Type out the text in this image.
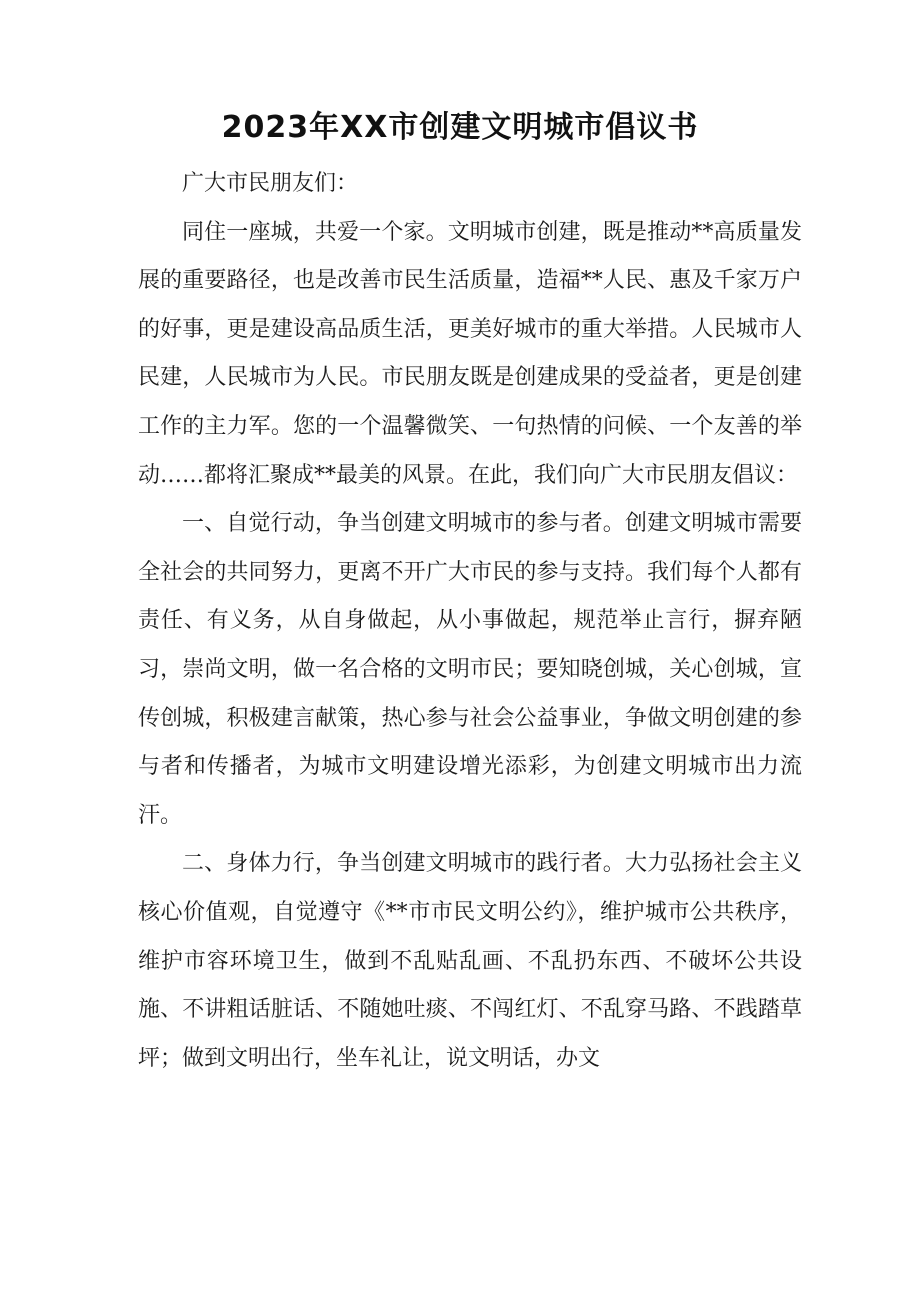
2023年XX市创建文明城市倡议书

广大市民朋友们：

同住一座城，共爱一个家。文明城市创建，既是推动**高质量发展的重要路径，也是改善市民生活质量，造福**人民、惠及千家万户的好事，更是建设高品质生活，更美好城市的重大举措。人民城市人民建，人民城市为人民。市民朋友既是创建成果的受益者，更是创建工作的主力军。您的一个温馨微笑、一句热情的问候、一个友善的举动……都将汇聚成**最美的风景。在此，我们向广大市民朋友倡议：

一、自觉行动，争当创建文明城市的参与者。创建文明城市需要全社会的共同努力，更离不开广大市民的参与支持。我们每个人都有责任、有义务，从自身做起，从小事做起，规范举止言行，摒弃陋习，崇尚文明，做一名合格的文明市民；要知晓创城，关心创城，宣传创城，积极建言献策，热心参与社会公益事业，争做文明创建的参与者和传播者，为城市文明建设增光添彩，为创建文明城市出力流汗。

二、身体力行，争当创建文明城市的践行者。大力弘扬社会主义核心价值观，自觉遵守《**市市民文明公约》，维护城市公共秩序，维护市容环境卫生，做到不乱贴乱画、不乱扔东西、不破坏公共设施、不讲粗话脏话、不随她吐痰、不闯红灯、不乱穿马路、不践踏草坪；做到文明出行，坐车礼让，说文明话，办文
